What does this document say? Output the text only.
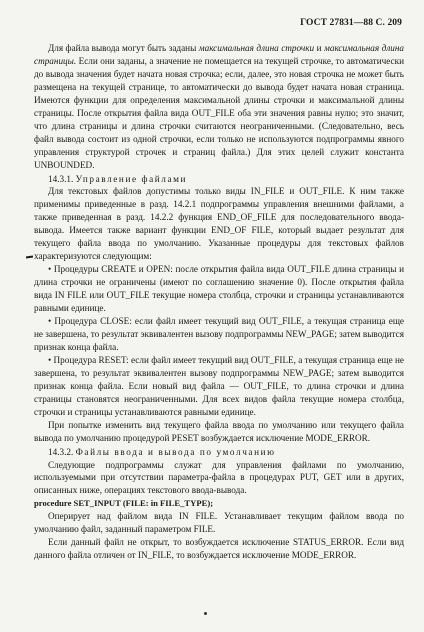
ГОСТ 27831—88 С. 209

Для файла вывода могут быть заданы максимальная длина строчки и максимальная длина страницы. Если они заданы, а значение не помещается на текущей строчке, то автоматически до вывода значения будет начата новая строчка; если, далее, это новая строчка не может быть размещена на текущей странице, то автоматически до вывода будет начата новая страница. Имеются функции для определения максимальной длины строчки и максимальной длины страницы. После открытия файла вида OUT_FILE оба эти значения равны нулю; это значит, что длина страницы и длина строчки считаются неограниченными. (Следовательно, весь файл вывода состоит из одной строчки, если только не используются подпрограммы явного управления структурой строчек и страниц файла.) Для этих целей служит константа UNBOUNDED.

14.3.1. Управление файлами

Для текстовых файлов допустимы только виды IN_FILE и OUT_FILE. К ним также применимы приведенные в разд. 14.2.1 подпрограммы управления внешними файлами, а также приведенная в разд. 14.2.2 функция END_OF_FILE для последовательного ввода-вывода. Имеется также вариант функции END_OF FILE, который выдает результат для текущего файла ввода по умолчанию. Указанные процедуры для текстовых файлов характеризуются следующим:

• Процедуры CREATE и OPEN: после открытия файла вида OUT_FILE длина страницы и длина строчки не ограничены (имеют по соглашению значение 0). После открытия файла вида IN FILE или OUT_FILE текущие номера столбца, строчки и страницы устанавливаются равными единице.

• Процедура CLOSE: если файл имеет текущий вид OUT_FILE, а текущая страница еще не завершена, то результат эквивалентен вызову подпрограммы NEW_PAGE; затем выводится признак конца файла.

• Процедура RESET: если файл имеет текущий вид OUT_FILE, а текущая страница еще не завершена, то результат эквивалентен вызову подпрограммы NEW_PAGE; затем выводится признак конца файла. Если новый вид файла — OUT_FILE, то длина строчки и длина страницы становятся неограниченными. Для всех видов файла текущие номера столбца, строчки и страницы устанавливаются равными единице.

При попытке изменить вид текущего файла ввода по умолчанию или текущего файла вывода по умолчанию процедурой PESET возбуждается исключение MODE_ERROR.

14.3.2. Файлы ввода и вывода по умолчанию

Следующие подпрограммы служат для управления файлами по умолчанию, используемыми при отсутствии параметра-файла в процедурах PUT, GET или в других, описанных ниже, операциях текстового ввода-вывода.

procedure SET_INPUT (FILE: in FILE_TYPE);

Оперирует над файлом вида IN FILE. Устанавливает текущим файлом ввода по умолчанию файл, заданный параметром FILE.

Если данный файл не открыт, то возбуждается исключение STATUS_ERROR. Если вид данного файла отличен от IN_FILE, то возбуждается исключение MODE_ERROR.
